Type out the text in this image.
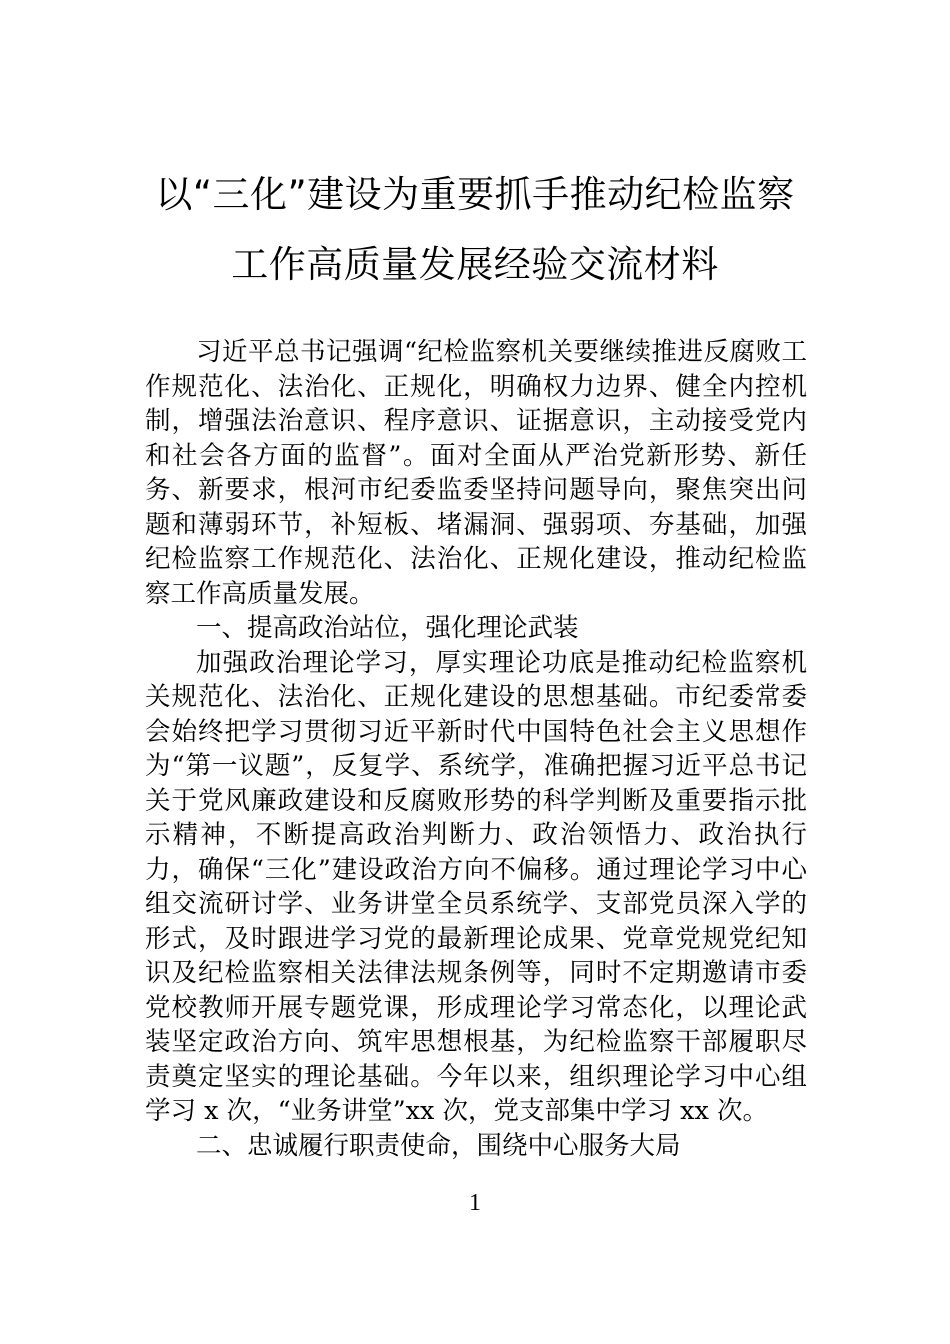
以“三化”建设为重要抓手推动纪检监察
工作高质量发展经验交流材料

习近平总书记强调“纪检监察机关要继续推进反腐败工作规范化、法治化、正规化，明确权力边界、健全内控机制，增强法治意识、程序意识、证据意识，主动接受党内和社会各方面的监督”。面对全面从严治党新形势、新任务、新要求，根河市纪委监委坚持问题导向，聚焦突出问题和薄弱环节，补短板、堵漏洞、强弱项、夯基础，加强纪检监察工作规范化、法治化、正规化建设，推动纪检监察工作高质量发展。

一、提高政治站位，强化理论武装

加强政治理论学习，厚实理论功底是推动纪检监察机关规范化、法治化、正规化建设的思想基础。市纪委常委会始终把学习贯彻习近平新时代中国特色社会主义思想作为“第一议题”，反复学、系统学，准确把握习近平总书记关于党风廉政建设和反腐败形势的科学判断及重要指示批示精神，不断提高政治判断力、政治领悟力、政治执行力，确保“三化”建设政治方向不偏移。通过理论学习中心组交流研讨学、业务讲堂全员系统学、支部党员深入学的形式，及时跟进学习党的最新理论成果、党章党规党纪知识及纪检监察相关法律法规条例等，同时不定期邀请市委党校教师开展专题党课，形成理论学习常态化，以理论武装坚定政治方向、筑牢思想根基，为纪检监察干部履职尽责奠定坚实的理论基础。今年以来，组织理论学习中心组学习 x 次，“业务讲堂”xx 次，党支部集中学习 xx 次。

二、忠诚履行职责使命，围绕中心服务大局

1
